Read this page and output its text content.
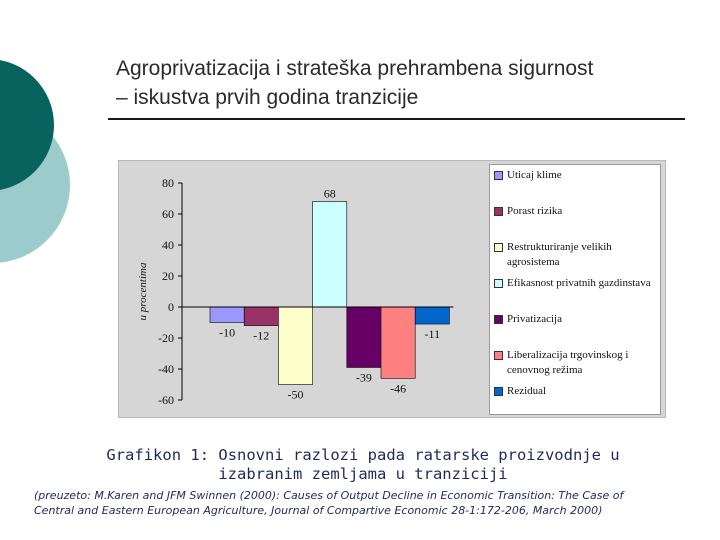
Agroprivatizacija i strateška prehrambena sigurnost
– iskustva prvih godina tranzicije
80
60
40
20
0
-20
-40
-60
u procentima
-10 -12
-50
68
-39
-46
-11
Uticaj klime
Porast rizika
Restrukturiranje velikih agrosistema
Efikasnost privatnih gazdinstava
Privatizacija
Liberalizacija trgovinskog i cenovnog režima
Rezidual
Grafikon 1: Osnovni razlozi pada ratarske proizvodnje u
izabranim zemljama u tranziciji
(preuzeto: M.Karen and JFM Swinnen (2000): Causes of Output Decline in Economic Transition: The Case of
Central and Eastern European Agriculture, Journal of Compartive Economic 28-1:172-206, March 2000)
